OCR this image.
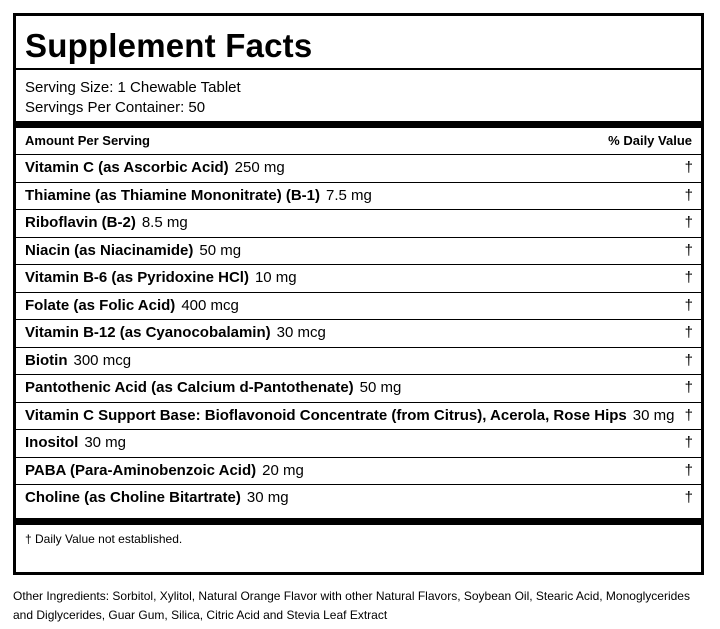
Supplement Facts
Serving Size: 1 Chewable Tablet
Servings Per Container: 50
Amount Per Serving	% Daily Value
Vitamin C (as Ascorbic Acid) 250 mg	†
Thiamine (as Thiamine Mononitrate) (B-1) 7.5 mg	†
Riboflavin (B-2) 8.5 mg	†
Niacin (as Niacinamide) 50 mg	†
Vitamin B-6 (as Pyridoxine HCl) 10 mg	†
Folate (as Folic Acid) 400 mcg	†
Vitamin B-12 (as Cyanocobalamin) 30 mcg	†
Biotin 300 mcg	†
Pantothenic Acid (as Calcium d-Pantothenate) 50 mg	†
Vitamin C Support Base: Bioflavonoid Concentrate (from Citrus), Acerola, Rose Hips 30 mg †
Inositol 30 mg	†
PABA (Para-Aminobenzoic Acid) 20 mg	†
Choline (as Choline Bitartrate) 30 mg	†
† Daily Value not established.
Other Ingredients: Sorbitol, Xylitol, Natural Orange Flavor with other Natural Flavors, Soybean Oil, Stearic Acid, Monoglycerides and Diglycerides, Guar Gum, Silica, Citric Acid and Stevia Leaf Extract
